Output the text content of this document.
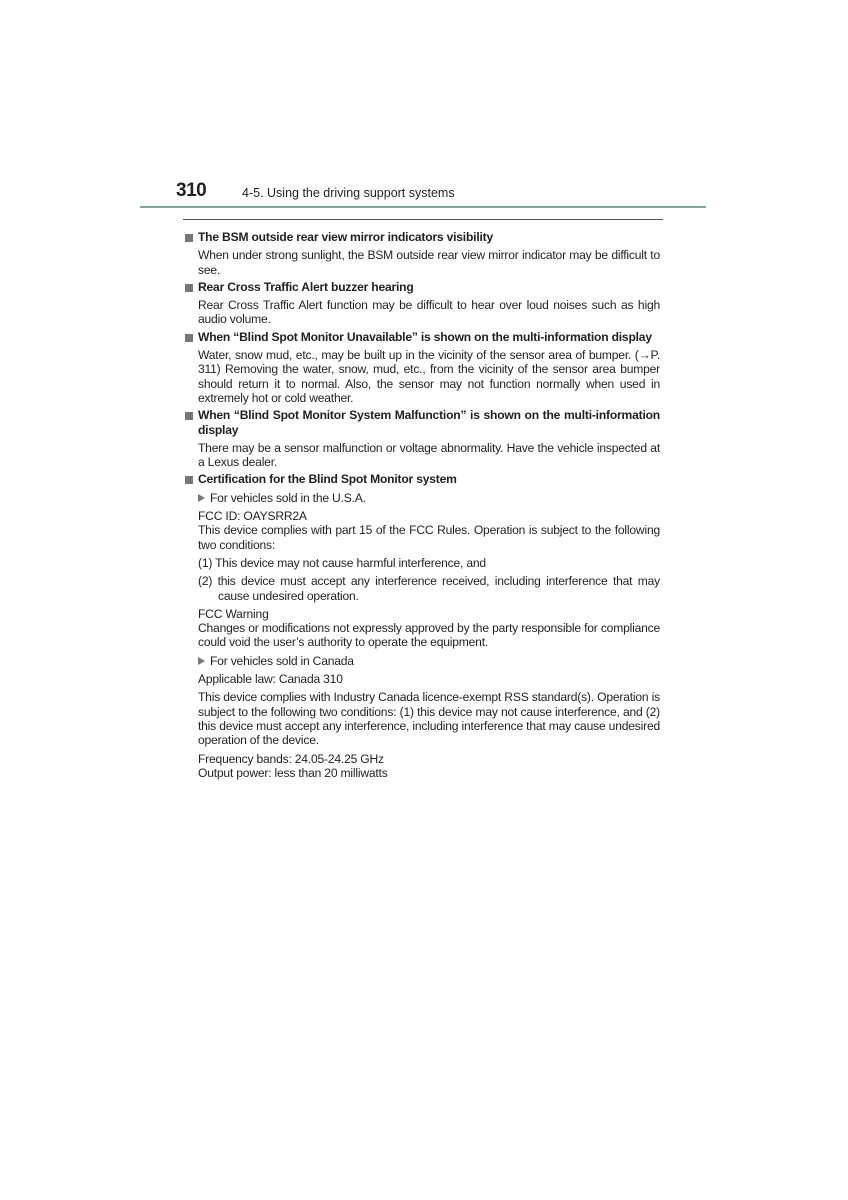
310	4-5. Using the driving support systems
The BSM outside rear view mirror indicators visibility
When under strong sunlight, the BSM outside rear view mirror indicator may be difficult to see.
Rear Cross Traffic Alert buzzer hearing
Rear Cross Traffic Alert function may be difficult to hear over loud noises such as high audio volume.
When “Blind Spot Monitor Unavailable” is shown on the multi-information display
Water, snow mud, etc., may be built up in the vicinity of the sensor area of bumper. (→P. 311) Removing the water, snow, mud, etc., from the vicinity of the sensor area bumper should return it to normal. Also, the sensor may not function normally when used in extremely hot or cold weather.
When “Blind Spot Monitor System Malfunction” is shown on the multi-information display
There may be a sensor malfunction or voltage abnormality. Have the vehicle inspected at a Lexus dealer.
Certification for the Blind Spot Monitor system
For vehicles sold in the U.S.A.
FCC ID: OAYSRR2A
This device complies with part 15 of the FCC Rules. Operation is subject to the following two conditions:
(1) This device may not cause harmful interference, and
(2) this device must accept any interference received, including interference that may cause undesired operation.
FCC Warning
Changes or modifications not expressly approved by the party responsible for compliance could void the user’s authority to operate the equipment.
For vehicles sold in Canada
Applicable law: Canada 310
This device complies with Industry Canada licence-exempt RSS standard(s). Operation is subject to the following two conditions: (1) this device may not cause interference, and (2) this device must accept any interference, including interference that may cause undesired operation of the device.
Frequency bands: 24.05-24.25 GHz
Output power: less than 20 milliwatts
